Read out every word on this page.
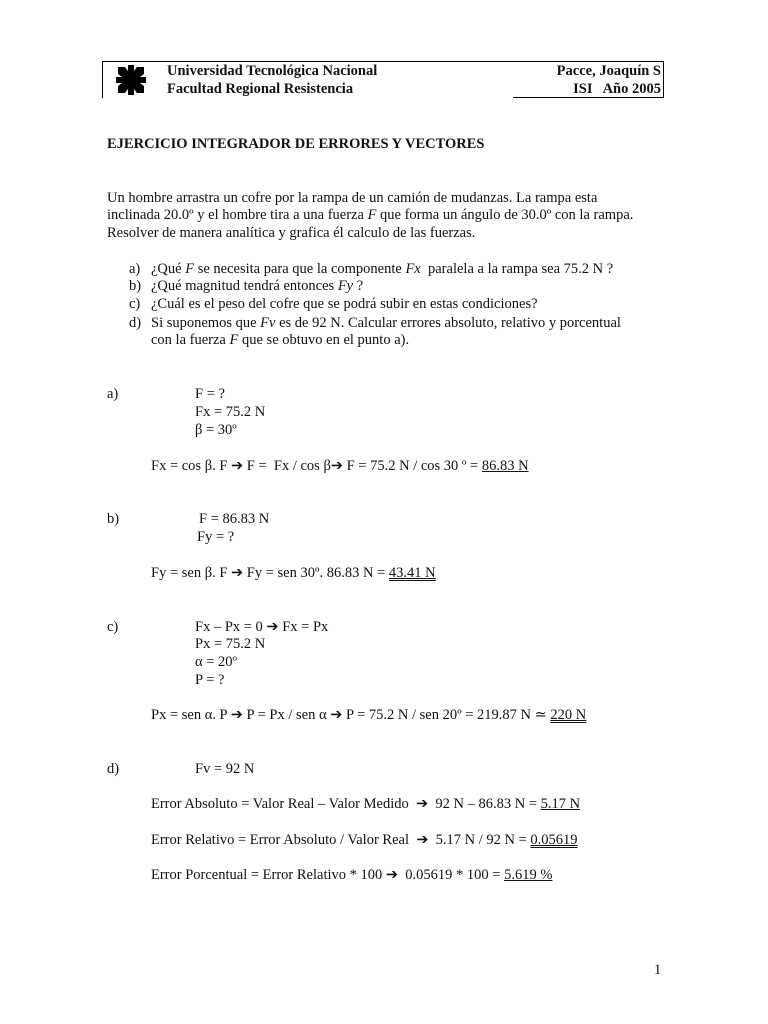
Universidad Tecnológica Nacional
Facultad Regional Resistencia
Pacce, Joaquín S
ISI   Año 2005
EJERCICIO INTEGRADOR DE ERRORES Y VECTORES
Un hombre arrastra un cofre por la rampa de un camión de mudanzas. La rampa esta
inclinada 20.0º y el hombre tira a una fuerza F que forma un ángulo de 30.0º con la rampa.
Resolver de manera analítica y grafica él calculo de las fuerzas.
a) ¿Qué F se necesita para que la componente Fx  paralela a la rampa sea 75.2 N ?
b) ¿Qué magnitud tendrá entonces Fy ?
c) ¿Cuál es el peso del cofre que se podrá subir en estas condiciones?
d) Si suponemos que Fv es de 92 N. Calcular errores absoluto, relativo y porcentual
con la fuerza F que se obtuvo en el punto a).
a)	F = ?
Fx = 75.2 N
β = 30º
Fx = cos β. F ➔ F =  Fx / cos β➔ F = 75.2 N / cos 30 º = 86.83 N
b)	F = 86.83 N
Fy = ?
Fy = sen β. F ➔ Fy = sen 30º. 86.83 N = 43.41 N
c)	Fx – Px = 0 ➔ Fx = Px
Px = 75.2 N
α = 20º
P = ?
Px = sen α. P ➔ P = Px / sen α ➔ P = 75.2 N / sen 20º = 219.87 N ≃ 220 N
d)	Fv = 92 N
Error Absoluto = Valor Real – Valor Medido  ➔  92 N – 86.83 N = 5.17 N
Error Relativo = Error Absoluto / Valor Real  ➔  5.17 N / 92 N = 0.05619
Error Porcentual = Error Relativo * 100 ➔  0.05619 * 100 = 5.619 %
1
